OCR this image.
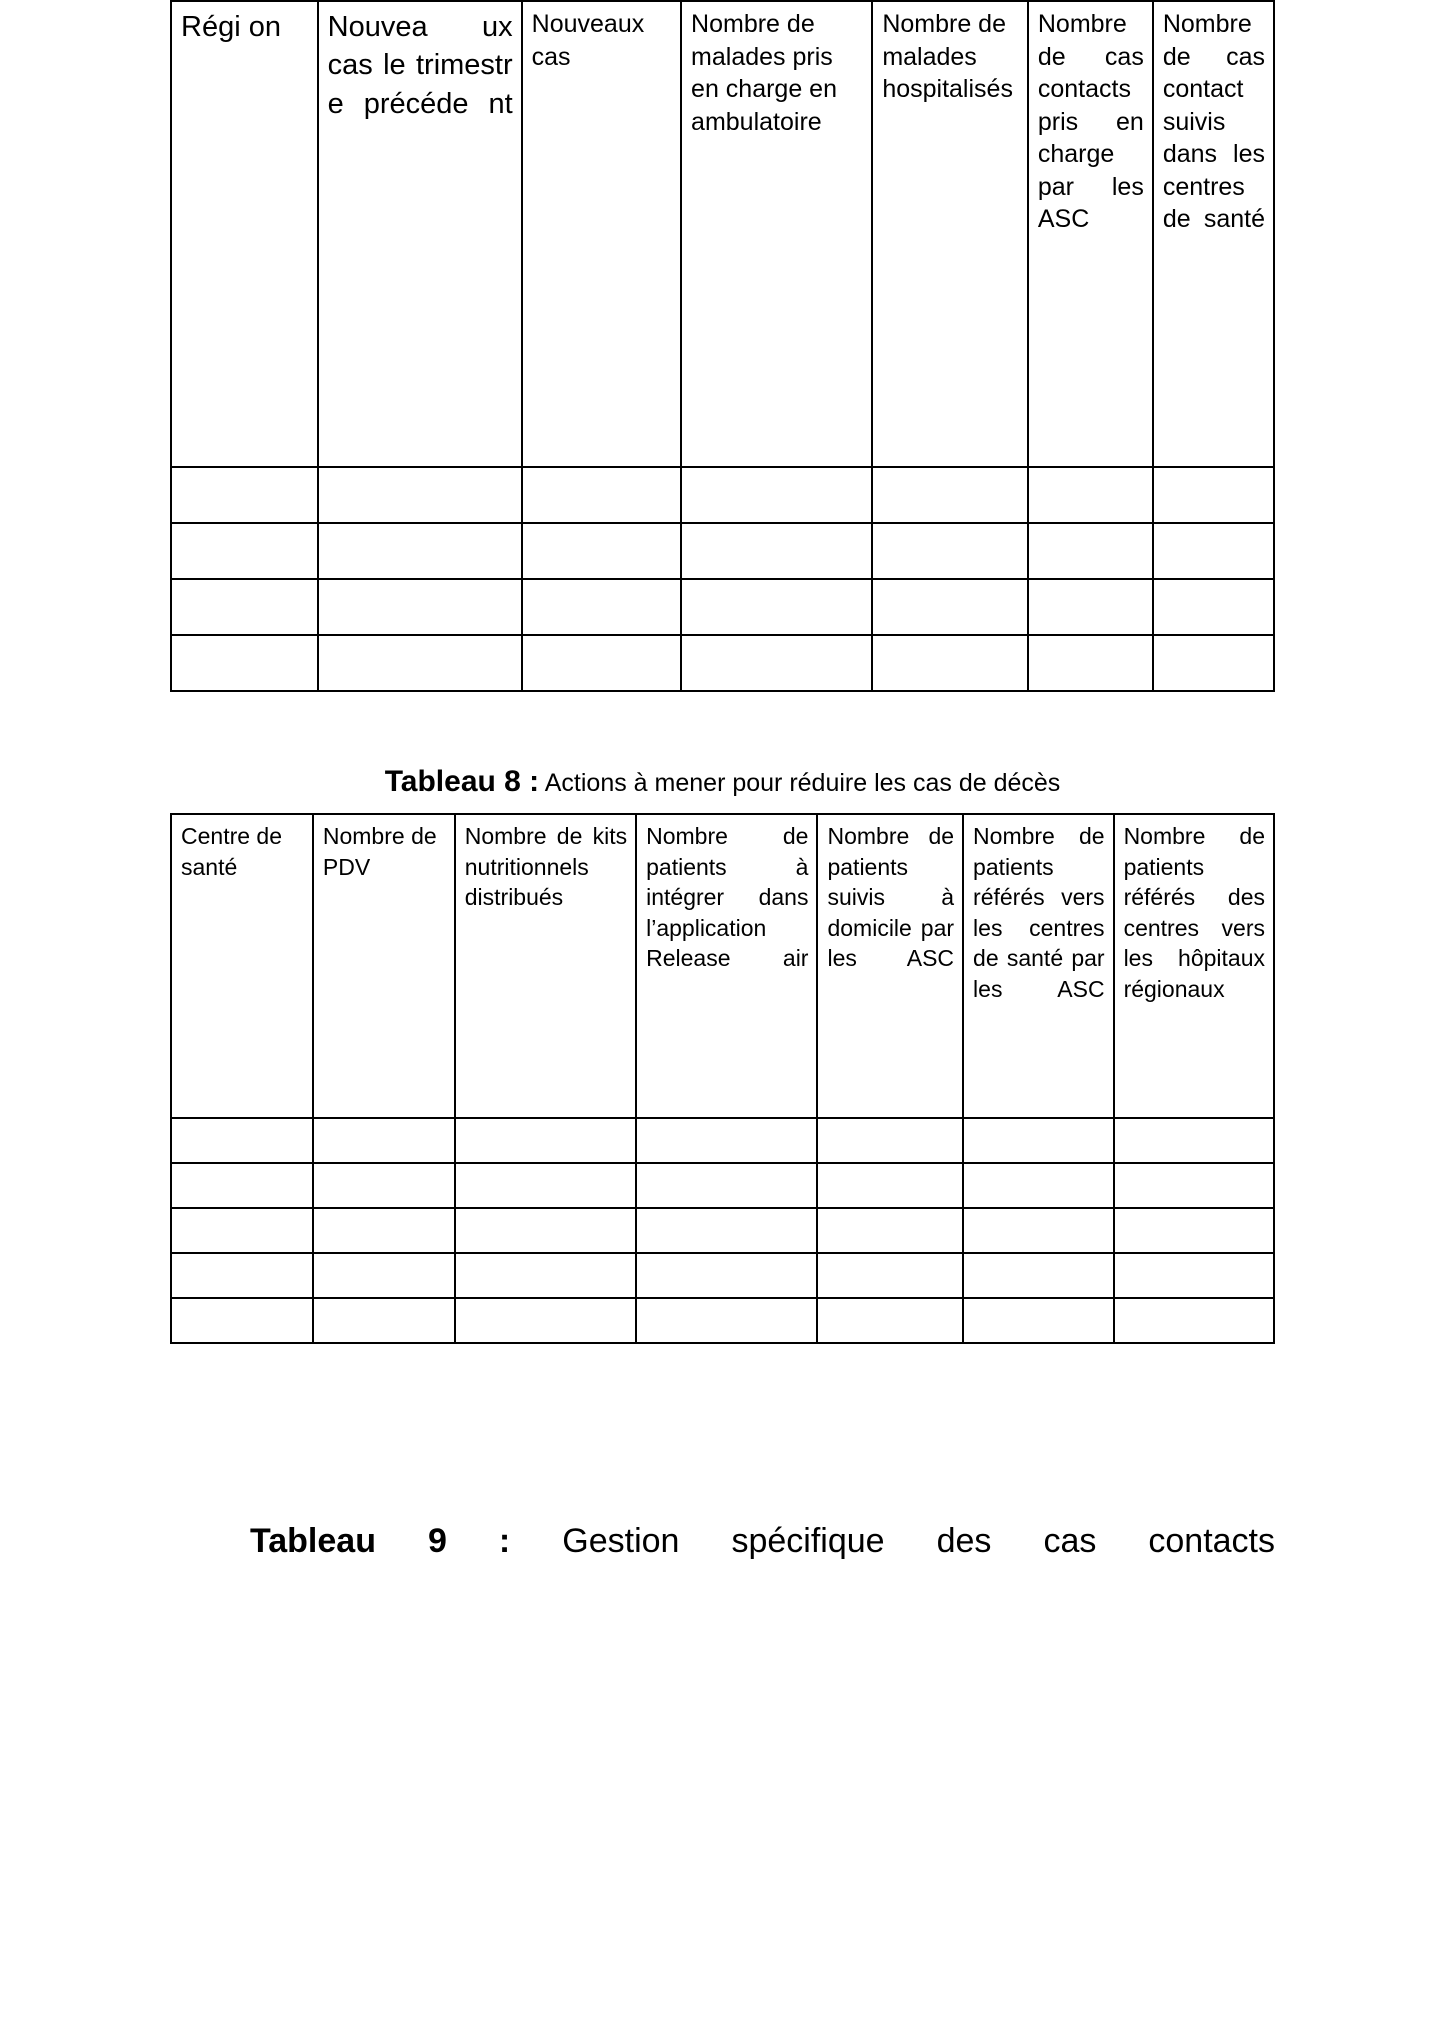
Régi on	Nouvea ux cas le trimestr e précéde nt	Nouveaux cas	Nombre de malades pris en charge en ambulatoire	Nombre de malades hospitalisés	Nombre de cas contacts pris en charge par les ASC	Nombre de cas contact suivis dans les centres de santé

Tableau 8 : Actions à mener pour réduire les cas de décès

Centre de santé	Nombre de PDV	Nombre de kits nutritionnels distribués	Nombre de patients à intégrer dans l’application Release air	Nombre de patients suivis à domicile par les ASC	Nombre de patients référés vers les centres de santé par les ASC	Nombre de patients référés des centres vers les hôpitaux régionaux

Tableau 9 : Gestion spécifique des cas contacts
